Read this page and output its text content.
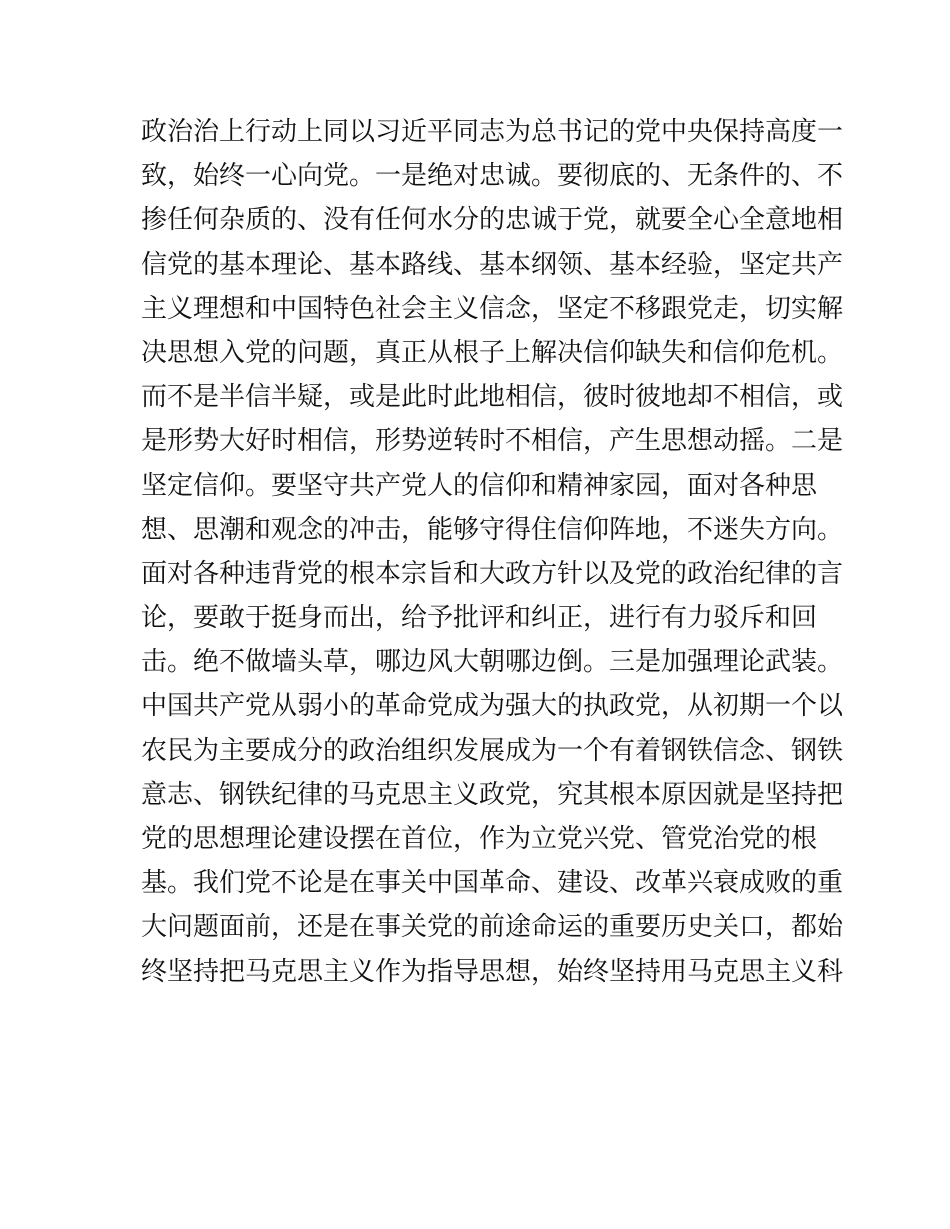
政治治上行动上同以习近平同志为总书记的党中央保持高度一
致，始终一心向党。一是绝对忠诚。要彻底的、无条件的、不
掺任何杂质的、没有任何水分的忠诚于党，就要全心全意地相
信党的基本理论、基本路线、基本纲领、基本经验，坚定共产
主义理想和中国特色社会主义信念，坚定不移跟党走，切实解
决思想入党的问题，真正从根子上解决信仰缺失和信仰危机。
而不是半信半疑，或是此时此地相信，彼时彼地却不相信，或
是形势大好时相信，形势逆转时不相信，产生思想动摇。二是
坚定信仰。要坚守共产党人的信仰和精神家园，面对各种思
想、思潮和观念的冲击，能够守得住信仰阵地，不迷失方向。
面对各种违背党的根本宗旨和大政方针以及党的政治纪律的言
论，要敢于挺身而出，给予批评和纠正，进行有力驳斥和回
击。绝不做墙头草，哪边风大朝哪边倒。三是加强理论武装。
中国共产党从弱小的革命党成为强大的执政党，从初期一个以
农民为主要成分的政治组织发展成为一个有着钢铁信念、钢铁
意志、钢铁纪律的马克思主义政党，究其根本原因就是坚持把
党的思想理论建设摆在首位，作为立党兴党、管党治党的根
基。我们党不论是在事关中国革命、建设、改革兴衰成败的重
大问题面前，还是在事关党的前途命运的重要历史关口，都始
终坚持把马克思主义作为指导思想，始终坚持用马克思主义科
